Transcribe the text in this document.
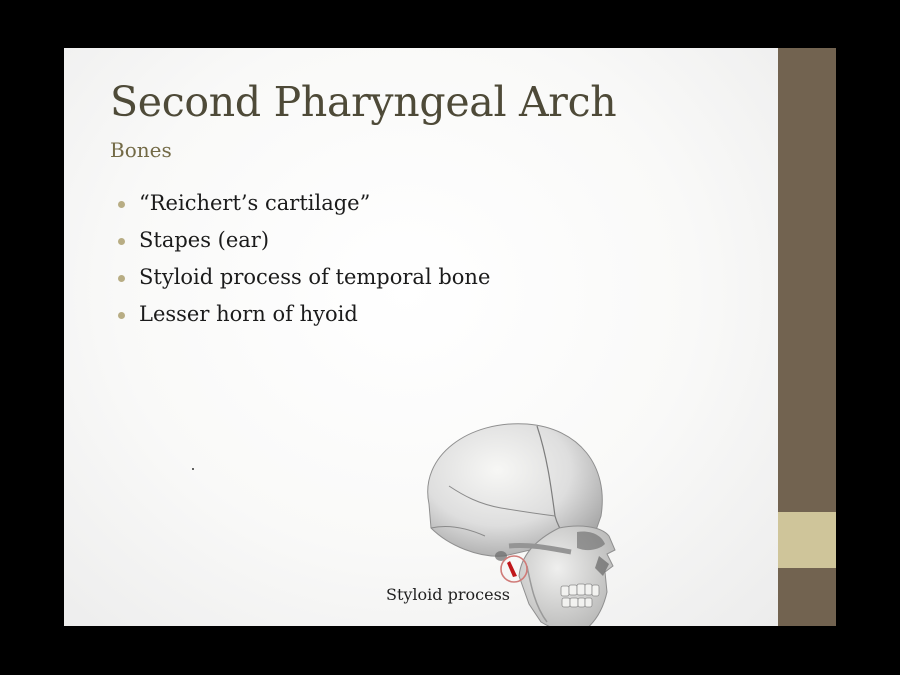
Second Pharyngeal Arch
Bones
“Reichert’s cartilage”
Stapes (ear)
Styloid process of temporal bone
Lesser horn of hyoid
Styloid process
